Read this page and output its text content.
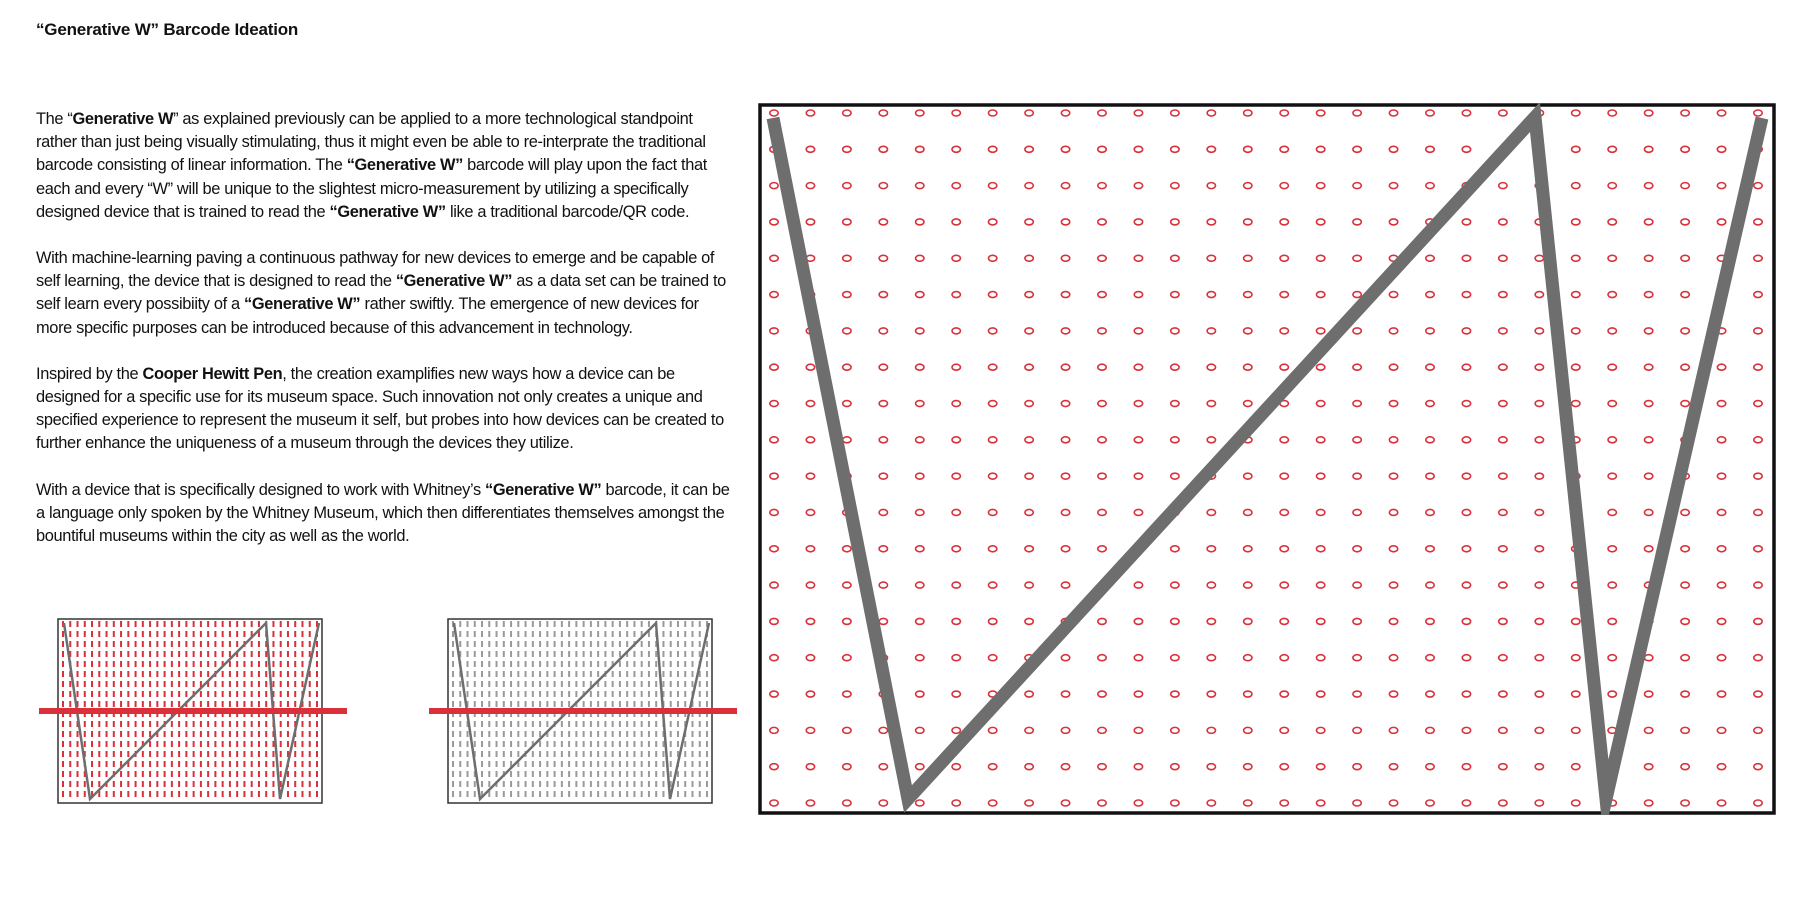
“Generative W” Barcode Ideation

The “Generative W” as explained previously can be applied to a more technological standpoint rather than just being visually stimulating, thus it might even be able to re-interprate the traditional barcode consisting of linear information. The “Generative W” barcode will play upon the fact that each and every “W” will be unique to the slightest micro-measurement by utilizing a specifically designed device that is trained to read the “Generative W” like a traditional barcode/QR code.

With machine-learning paving a continuous pathway for new devices to emerge and be capable of self learning, the device that is designed to read the “Generative W” as a data set can be trained to self learn every possibiity of a “Generative W” rather swiftly. The emergence of new devices for more specific purposes can be introduced because of this advancement in technology.

Inspired by the Cooper Hewitt Pen, the creation examplifies new ways how a device can be designed for a specific use for its museum space. Such innovation not only creates a unique and specified experience to represent the museum it self, but probes into how devices can be created to further enhance the uniqueness of a museum through the devices they utilize.

With a device that is specifically designed to work with Whitney’s “Generative W” barcode, it can be a language only spoken by the Whitney Museum, which then differentiates themselves amongst the bountiful museums within the city as well as the world.
